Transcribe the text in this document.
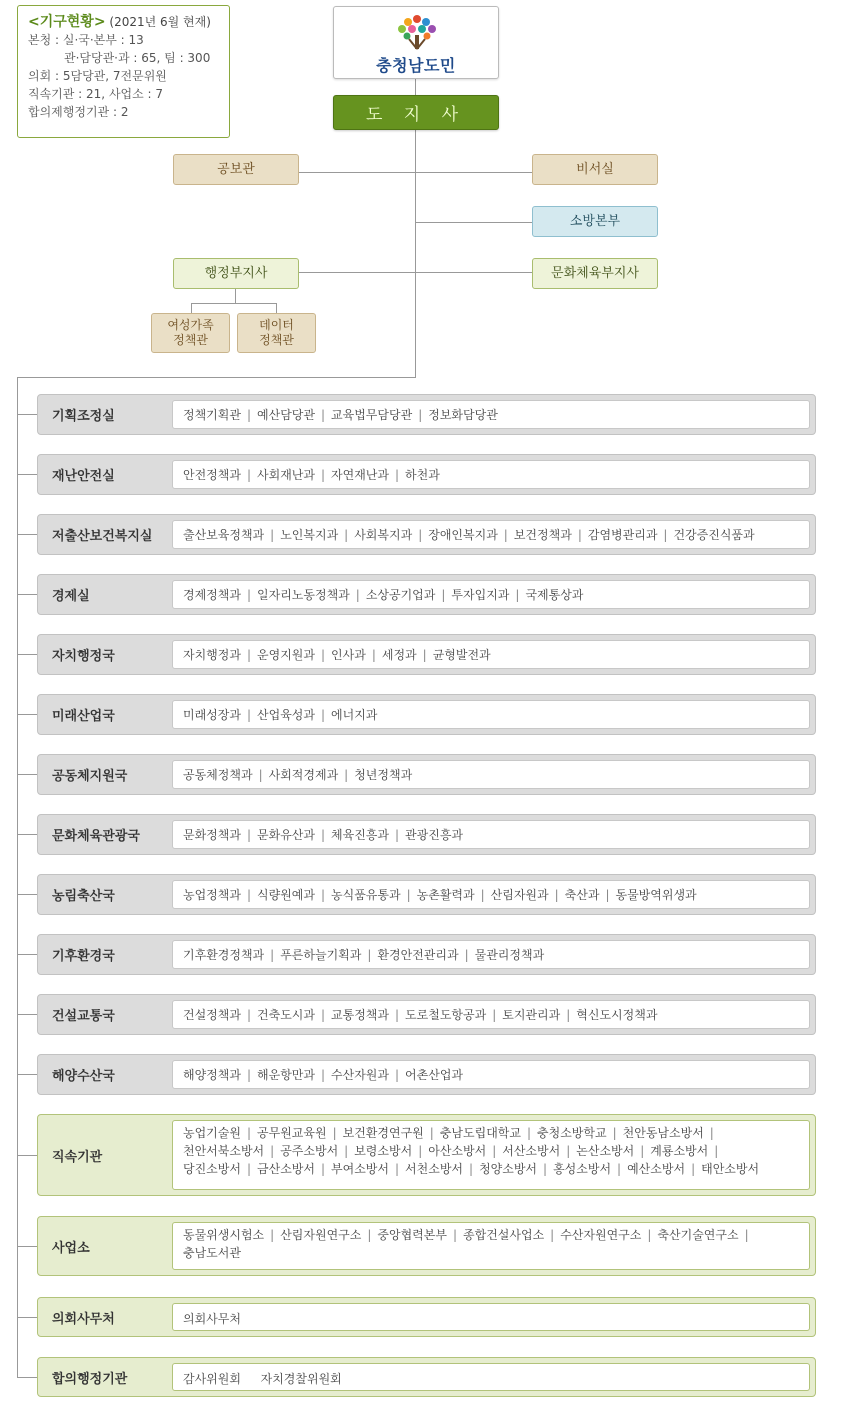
<기구현황> (2021년 6월 현재)
본청 : 실·국·본부 : 13
관·담당관·과 : 65, 팀 : 300
의회 : 5담당관, 7전문위원
직속기관 : 21, 사업소 : 7
합의제행정기관 : 2
충청남도민
도 지 사
공보관	비서실
소방본부
행정부지사	문화체육부지사
여성가족
정책관
데이터
정책관
기획조정실	정책기획관 | 예산담당관 | 교육법무담당관 | 정보화담당관
재난안전실	안전정책과 | 사회재난과 | 자연재난과 | 하천과
저출산보건복지실	출산보육정책과 | 노인복지과 | 사회복지과 | 장애인복지과 | 보건정책과 | 감염병관리과 | 건강증진식품과
경제실	경제정책과 | 일자리노동정책과 | 소상공기업과 | 투자입지과 | 국제통상과
자치행정국	자치행정과 | 운영지원과 | 인사과 | 세정과 | 균형발전과
미래산업국	미래성장과 | 산업육성과 | 에너지과
공동체지원국	공동체정책과 | 사회적경제과 | 청년정책과
문화체육관광국	문화정책과 | 문화유산과 | 체육진흥과 | 관광진흥과
농림축산국	농업정책과 | 식량원예과 | 농식품유통과 | 농촌활력과 | 산림자원과 | 축산과 | 동물방역위생과
기후환경국	기후환경정책과 | 푸른하늘기획과 | 환경안전관리과 | 물관리정책과
건설교통국	건설정책과 | 건축도시과 | 교통정책과 | 도로철도항공과 | 토지관리과 | 혁신도시정책과
해양수산국	해양정책과 | 해운항만과 | 수산자원과 | 어촌산업과
직속기관
농업기술원 | 공무원교육원 | 보건환경연구원 | 충남도립대학교 | 충청소방학교 | 천안동남소방서 |
천안서북소방서 | 공주소방서 | 보령소방서 | 아산소방서 | 서산소방서 | 논산소방서 | 계룡소방서 |
당진소방서 | 금산소방서 | 부여소방서 | 서천소방서 | 청양소방서 | 홍성소방서 | 예산소방서 | 태안소방서
사업소
동물위생시험소 | 산림자원연구소 | 중앙협력본부 | 종합건설사업소 | 수산자원연구소 | 축산기술연구소 |
충남도서관
의회사무처	의회사무처
합의행정기관	감사위원회 자치경찰위원회
